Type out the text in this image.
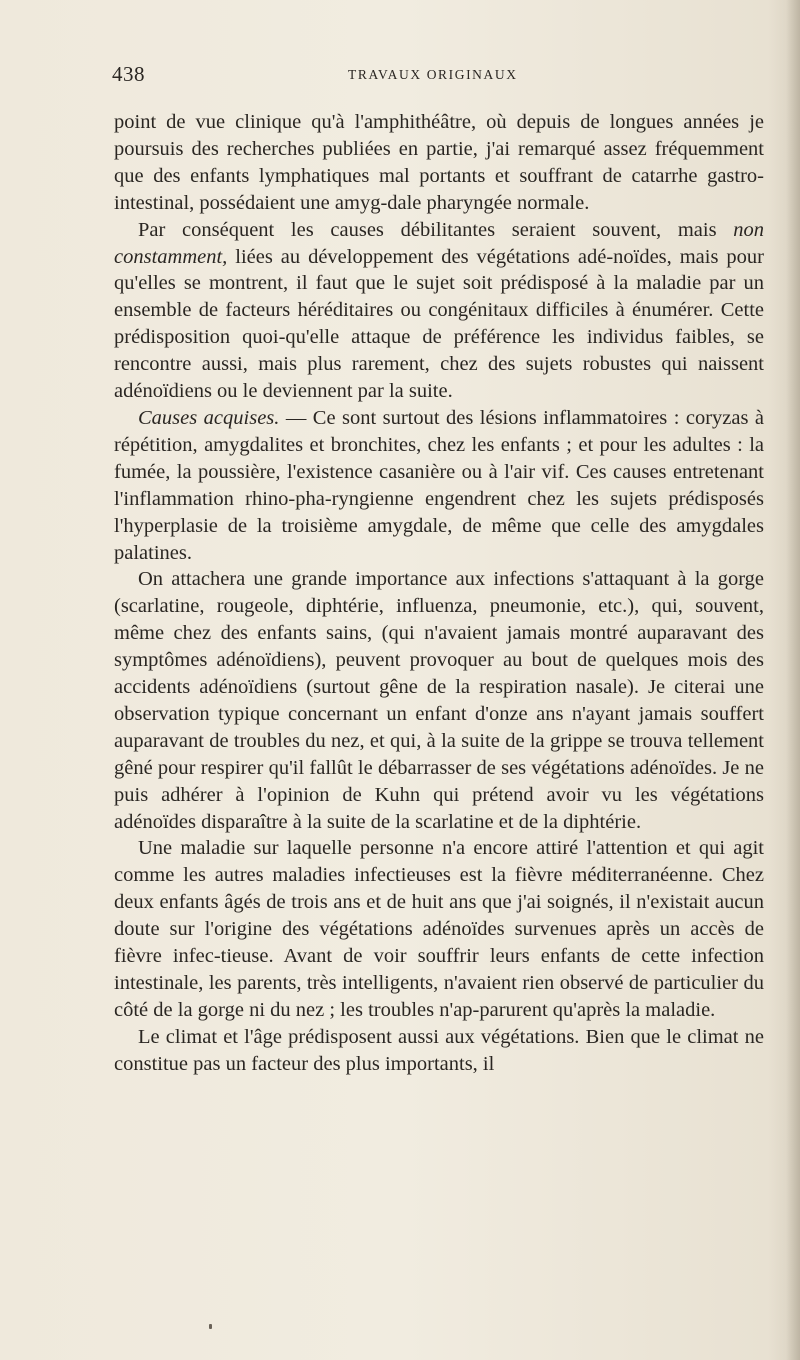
438	TRAVAUX ORIGINAUX

point de vue clinique qu'à l'amphithéâtre, où depuis de longues années je poursuis des recherches publiées en partie, j'ai remarqué assez fréquemment que des enfants lymphatiques mal portants et souffrant de catarrhe gastro-intestinal, possédaient une amyg-dale pharyngée normale.

Par conséquent les causes débilitantes seraient souvent, mais non constamment, liées au développement des végétations adé-noïdes, mais pour qu'elles se montrent, il faut que le sujet soit prédisposé à la maladie par un ensemble de facteurs héréditaires ou congénitaux difficiles à énumérer. Cette prédisposition quoi-qu'elle attaque de préférence les individus faibles, se rencontre aussi, mais plus rarement, chez des sujets robustes qui naissent adénoïdiens ou le deviennent par la suite.

Causes acquises. — Ce sont surtout des lésions inflammatoires : coryzas à répétition, amygdalites et bronchites, chez les enfants ; et pour les adultes : la fumée, la poussière, l'existence casanière ou à l'air vif. Ces causes entretenant l'inflammation rhino-pha-ryngienne engendrent chez les sujets prédisposés l'hyperplasie de la troisième amygdale, de même que celle des amygdales palatines.

On attachera une grande importance aux infections s'attaquant à la gorge (scarlatine, rougeole, diphtérie, influenza, pneumonie, etc.), qui, souvent, même chez des enfants sains, (qui n'avaient jamais montré auparavant des symptômes adénoïdiens), peuvent provoquer au bout de quelques mois des accidents adénoïdiens (surtout gêne de la respiration nasale). Je citerai une observation typique concernant un enfant d'onze ans n'ayant jamais souffert auparavant de troubles du nez, et qui, à la suite de la grippe se trouva tellement gêné pour respirer qu'il fallût le débarrasser de ses végétations adénoïdes. Je ne puis adhérer à l'opinion de Kuhn qui prétend avoir vu les végétations adénoïdes disparaître à la suite de la scarlatine et de la diphtérie.

Une maladie sur laquelle personne n'a encore attiré l'attention et qui agit comme les autres maladies infectieuses est la fièvre méditerranéenne. Chez deux enfants âgés de trois ans et de huit ans que j'ai soignés, il n'existait aucun doute sur l'origine des végétations adénoïdes survenues après un accès de fièvre infec-tieuse. Avant de voir souffrir leurs enfants de cette infection intestinale, les parents, très intelligents, n'avaient rien observé de particulier du côté de la gorge ni du nez ; les troubles n'ap-parurent qu'après la maladie.

Le climat et l'âge prédisposent aussi aux végétations. Bien que le climat ne constitue pas un facteur des plus importants, il
